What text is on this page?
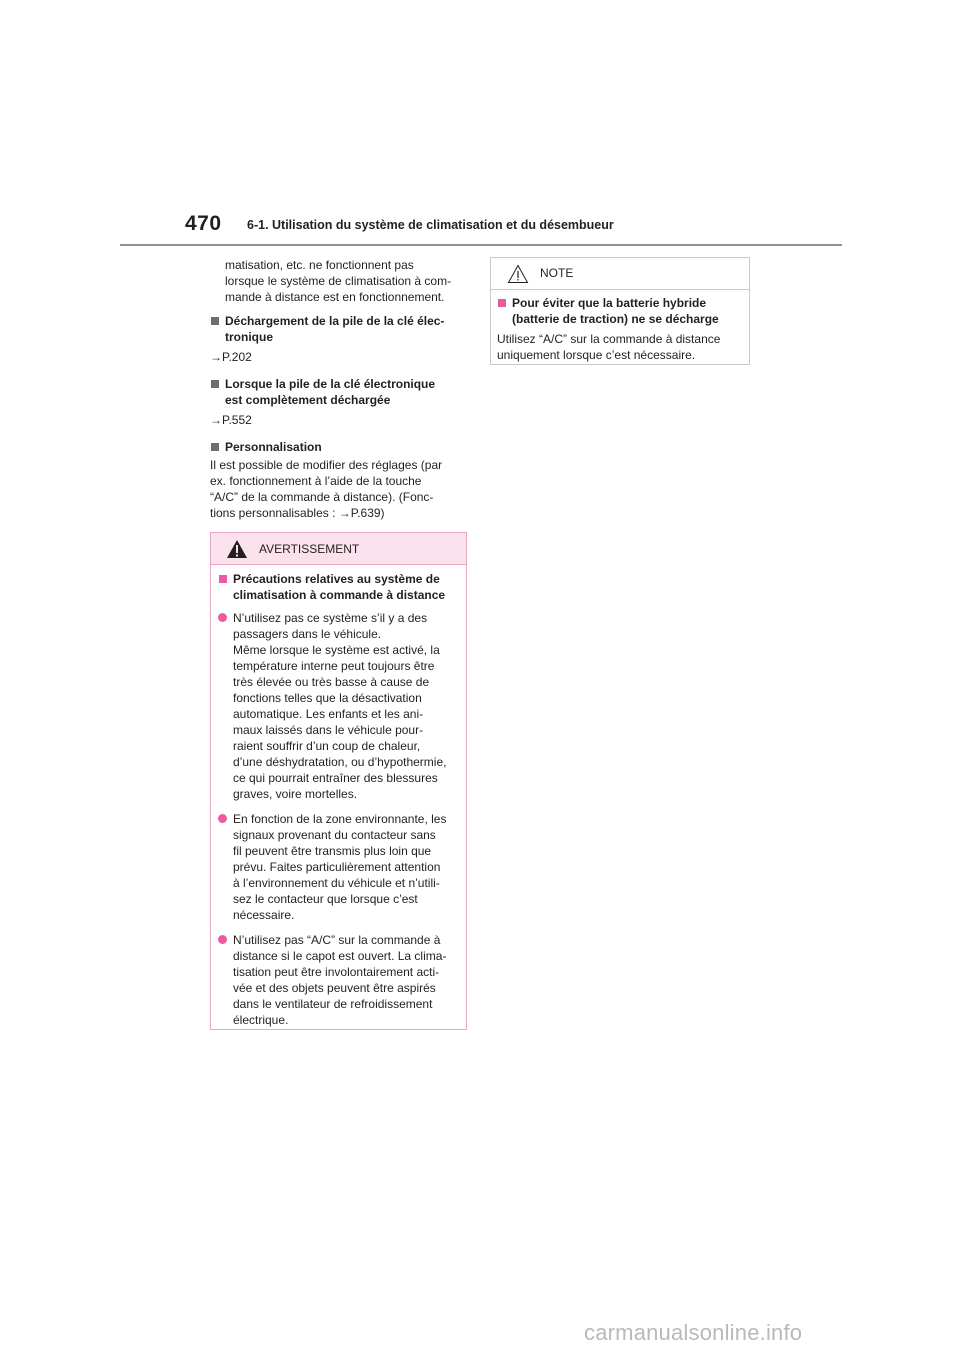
470 6-1. Utilisation du système de climatisation et du désembueur

matisation, etc. ne fonctionnent pas

lorsque le système de climatisation à com-

mande à distance est en fonctionnement.

Déchargement de la pile de la clé élec-

tronique

→P.202

Lorsque la pile de la clé électronique

est complètement déchargée

→P.552

Personnalisation

Il est possible de modifier des réglages (par

ex. fonctionnement à l’aide de la touche

“A/C” de la commande à distance). (Fonc-

tions personnalisables : →P.639)

AVERTISSEMENT

Précautions relatives au système de

climatisation à commande à distance

N’utilisez pas ce système s’il y a des

passagers dans le véhicule.

Même lorsque le système est activé, la

température interne peut toujours être

très élevée ou très basse à cause de

fonctions telles que la désactivation

automatique. Les enfants et les ani-

maux laissés dans le véhicule pour-

raient souffrir d’un coup de chaleur,

d’une déshydratation, ou d’hypothermie,

ce qui pourrait entraîner des blessures

graves, voire mortelles.

En fonction de la zone environnante, les

signaux provenant du contacteur sans

fil peuvent être transmis plus loin que

prévu. Faites particulièrement attention

à l’environnement du véhicule et n’utili-

sez le contacteur que lorsque c’est

nécessaire.

N’utilisez pas “A/C” sur la commande à

distance si le capot est ouvert. La clima-

tisation peut être involontairement acti-

vée et des objets peuvent être aspirés

dans le ventilateur de refroidissement

électrique.

NOTE

Pour éviter que la batterie hybride

(batterie de traction) ne se décharge

Utilisez “A/C” sur la commande à distance

uniquement lorsque c’est nécessaire.

carmanualsonline.info
